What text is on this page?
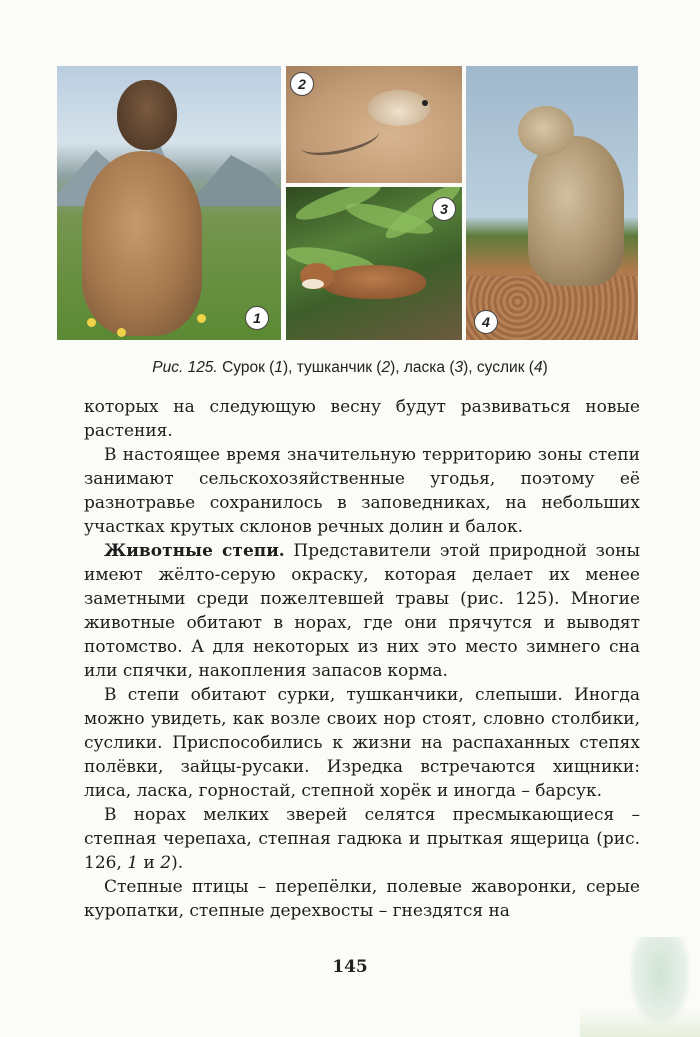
1
2
3
4
Рис. 125. Сурок (1), тушканчик (2), ласка (3), суслик (4)

которых на следующую весну будут развиваться новые растения.

В настоящее время значительную территорию зоны степи занимают сельскохозяйственные угодья, поэтому её разнотравье сохранилось в заповедниках, на небольших участках крутых склонов речных долин и балок.

Животные степи. Представители этой природной зоны имеют жёлто-серую окраску, которая делает их менее заметными среди пожелтевшей травы (рис. 125). Многие животные обитают в норах, где они прячутся и выводят потомство. А для некоторых из них это место зимнего сна или спячки, накопления запасов корма.

В степи обитают сурки, тушканчики, слепыши. Иногда можно увидеть, как возле своих нор стоят, словно столбики, суслики. Приспособились к жизни на распаханных степях полёвки, зайцы-русаки. Изредка встречаются хищники: лиса, ласка, горностай, степной хорёк и иногда – барсук.

В норах мелких зверей селятся пресмыкающиеся – степная черепаха, степная гадюка и прыткая ящерица (рис. 126, 1 и 2).

Степные птицы – перепёлки, полевые жаворонки, серые куропатки, степные дерехвосты – гнездятся на

145
